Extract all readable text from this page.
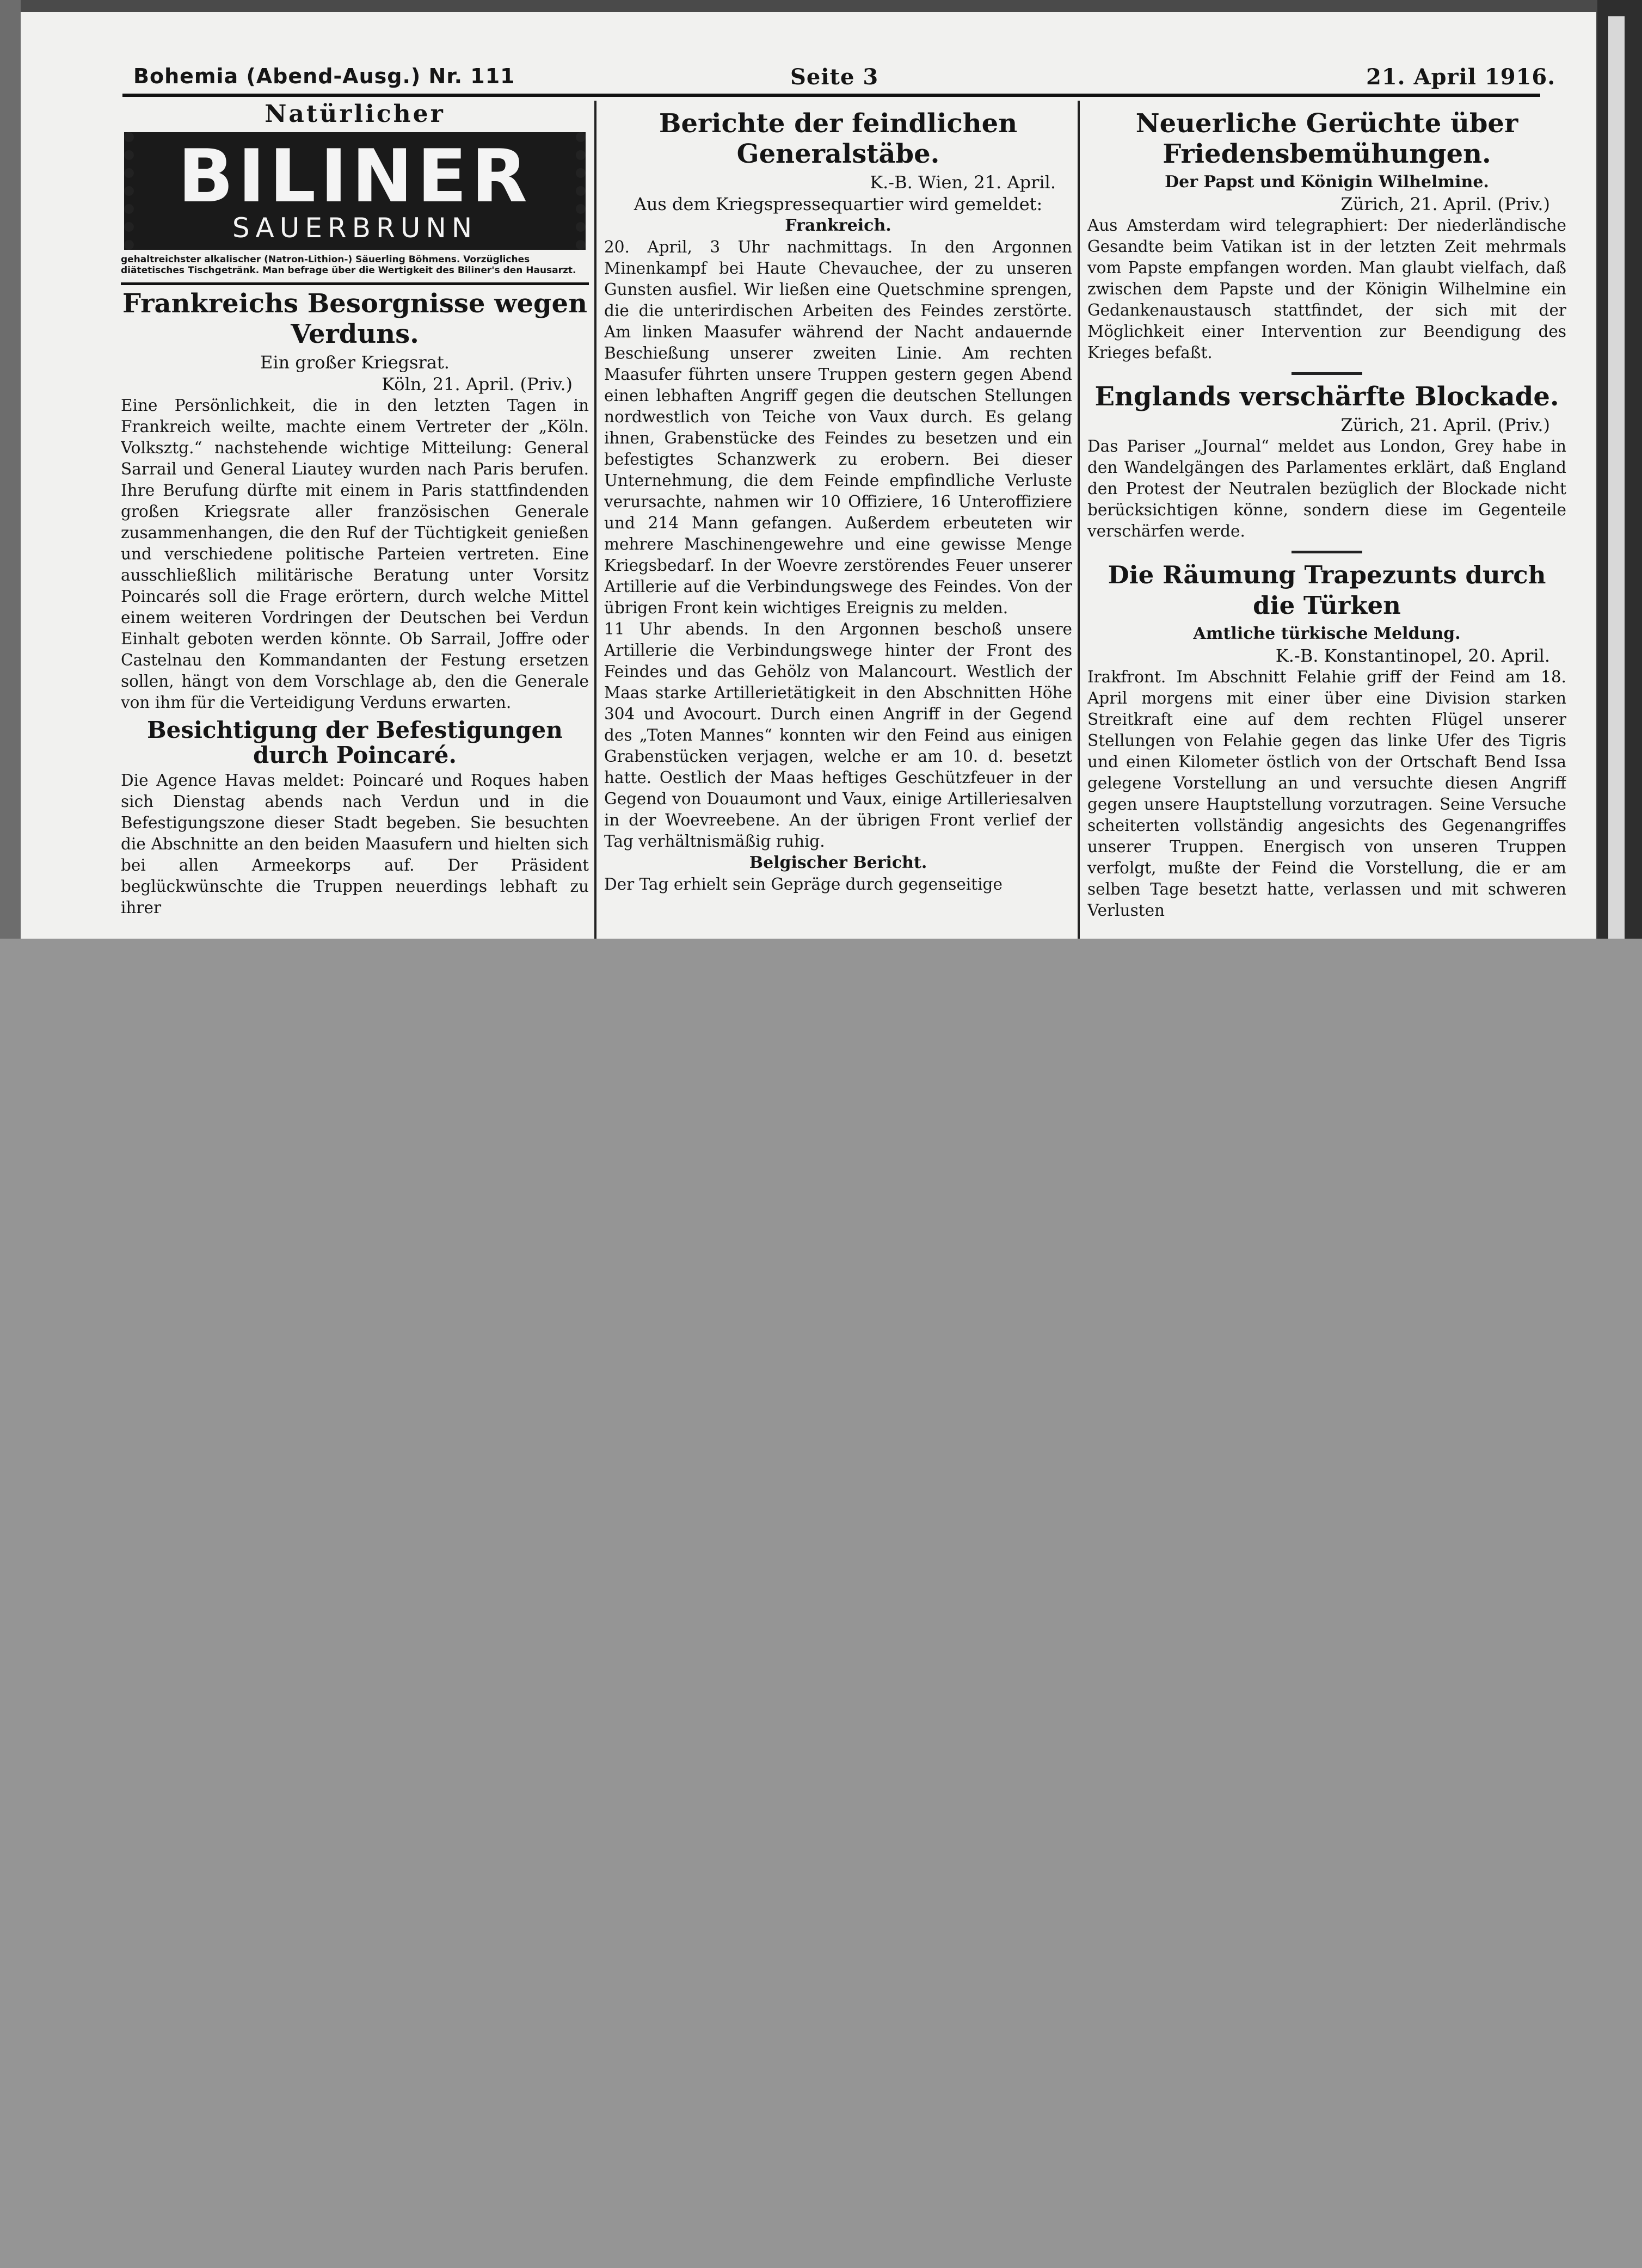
Bohemia (Abend-Ausg.) Nr. 111	Seite 3	21. April 1916.
Natürlicher
BILINER
SAUERBRUNN
gehaltreichster alkalischer (Natron-Lithion-) Säuerling Böhmens. Vorzügliches diätetisches Tischgetränk. Man befrage über die Wertigkeit des Biliner's den Hausarzt.
Frankreichs Besorgnisse wegen Verduns.
Ein großer Kriegsrat.
Köln, 21. April. (Priv.)

Eine Persönlichkeit, die in den letzten Tagen in Frankreich weilte, machte einem Vertreter der „Köln. Volksztg.“ nachstehende wichtige Mitteilung: General Sarrail und General Liautey wurden nach Paris berufen. Ihre Berufung dürfte mit einem in Paris stattfindenden großen Kriegsrate aller französischen Generale zusammenhangen, die den Ruf der Tüchtigkeit genießen und verschiedene politische Parteien vertreten. Eine ausschließlich militärische Beratung unter Vorsitz Poincarés soll die Frage erörtern, durch welche Mittel einem weiteren Vordringen der Deutschen bei Verdun Einhalt geboten werden könnte. Ob Sarrail, Joffre oder Castelnau den Kommandanten der Festung ersetzen sollen, hängt von dem Vorschlage ab, den die Generale von ihm für die Verteidigung Verduns erwarten.

Besichtigung der Befestigungen durch Poincaré.

Die Agence Havas meldet: Poincaré und Roques haben sich Dienstag abends nach Verdun und in die Befestigungszone dieser Stadt begeben. Sie besuchten die Abschnitte an den beiden Maasufern und hielten sich bei allen Armeekorps auf. Der Präsident beglückwünschte die Truppen neuerdings lebhaft zu ihrer

Berichte der feindlichen Generalstäbe.
K.-B. Wien, 21. April.
Aus dem Kriegspressequartier wird gemeldet:
Frankreich.

20. April, 3 Uhr nachmittags. In den Argonnen Minenkampf bei Haute Chevauchee, der zu unseren Gunsten ausfiel. Wir ließen eine Quetschmine sprengen, die die unterirdischen Arbeiten des Feindes zerstörte. Am linken Maasufer während der Nacht andauernde Beschießung unserer zweiten Linie. Am rechten Maasufer führten unsere Truppen gestern gegen Abend einen lebhaften Angriff gegen die deutschen Stellungen nordwestlich von Teiche von Vaux durch. Es gelang ihnen, Grabenstücke des Feindes zu besetzen und ein befestigtes Schanzwerk zu erobern. Bei dieser Unternehmung, die dem Feinde empfindliche Verluste verursachte, nahmen wir 10 Offiziere, 16 Unteroffiziere und 214 Mann gefangen. Außerdem erbeuteten wir mehrere Maschinengewehre und eine gewisse Menge Kriegsbedarf. In der Woevre zerstörendes Feuer unserer Artillerie auf die Verbindungswege des Feindes. Von der übrigen Front kein wichtiges Ereignis zu melden.

11 Uhr abends. In den Argonnen beschoß unsere Artillerie die Verbindungswege hinter der Front des Feindes und das Gehölz von Malancourt. Westlich der Maas starke Artillerietätigkeit in den Abschnitten Höhe 304 und Avocourt. Durch einen Angriff in der Gegend des „Toten Mannes“ konnten wir den Feind aus einigen Grabenstücken verjagen, welche er am 10. d. besetzt hatte. Oestlich der Maas heftiges Geschützfeuer in der Gegend von Douaumont und Vaux, einige Artilleriesalven in der Woevreebene. An der übrigen Front verlief der Tag verhältnismäßig ruhig.

Belgischer Bericht.

Der Tag erhielt sein Gepräge durch gegenseitige

Neuerliche Gerüchte über Friedensbemühungen.
Der Papst und Königin Wilhelmine.
Zürich, 21. April. (Priv.)

Aus Amsterdam wird telegraphiert: Der niederländische Gesandte beim Vatikan ist in der letzten Zeit mehrmals vom Papste empfangen worden. Man glaubt vielfach, daß zwischen dem Papste und der Königin Wilhelmine ein Gedankenaustausch stattfindet, der sich mit der Möglichkeit einer Intervention zur Beendigung des Krieges befaßt.

Englands verschärfte Blockade.
Zürich, 21. April. (Priv.)

Das Pariser „Journal“ meldet aus London, Grey habe in den Wandelgängen des Parlamentes erklärt, daß England den Protest der Neutralen bezüglich der Blockade nicht berücksichtigen könne, sondern diese im Gegenteile verschärfen werde.

Die Räumung Trapezunts durch die Türken
Amtliche türkische Meldung.
K.-B. Konstantinopel, 20. April.

Irakfront. Im Abschnitt Felahie griff der Feind am 18. April morgens mit einer über eine Division starken Streitkraft eine auf dem rechten Flügel unserer Stellungen von Felahie gegen das linke Ufer des Tigris und einen Kilometer östlich von der Ortschaft Bend Issa gelegene Vorstellung an und versuchte diesen Angriff gegen unsere Hauptstellung vorzutragen. Seine Versuche scheiterten vollständig angesichts des Gegenangriffes unserer Truppen. Energisch von unseren Truppen verfolgt, mußte der Feind die Vorstellung, die er am selben Tage besetzt hatte, verlassen und mit schweren Verlusten
